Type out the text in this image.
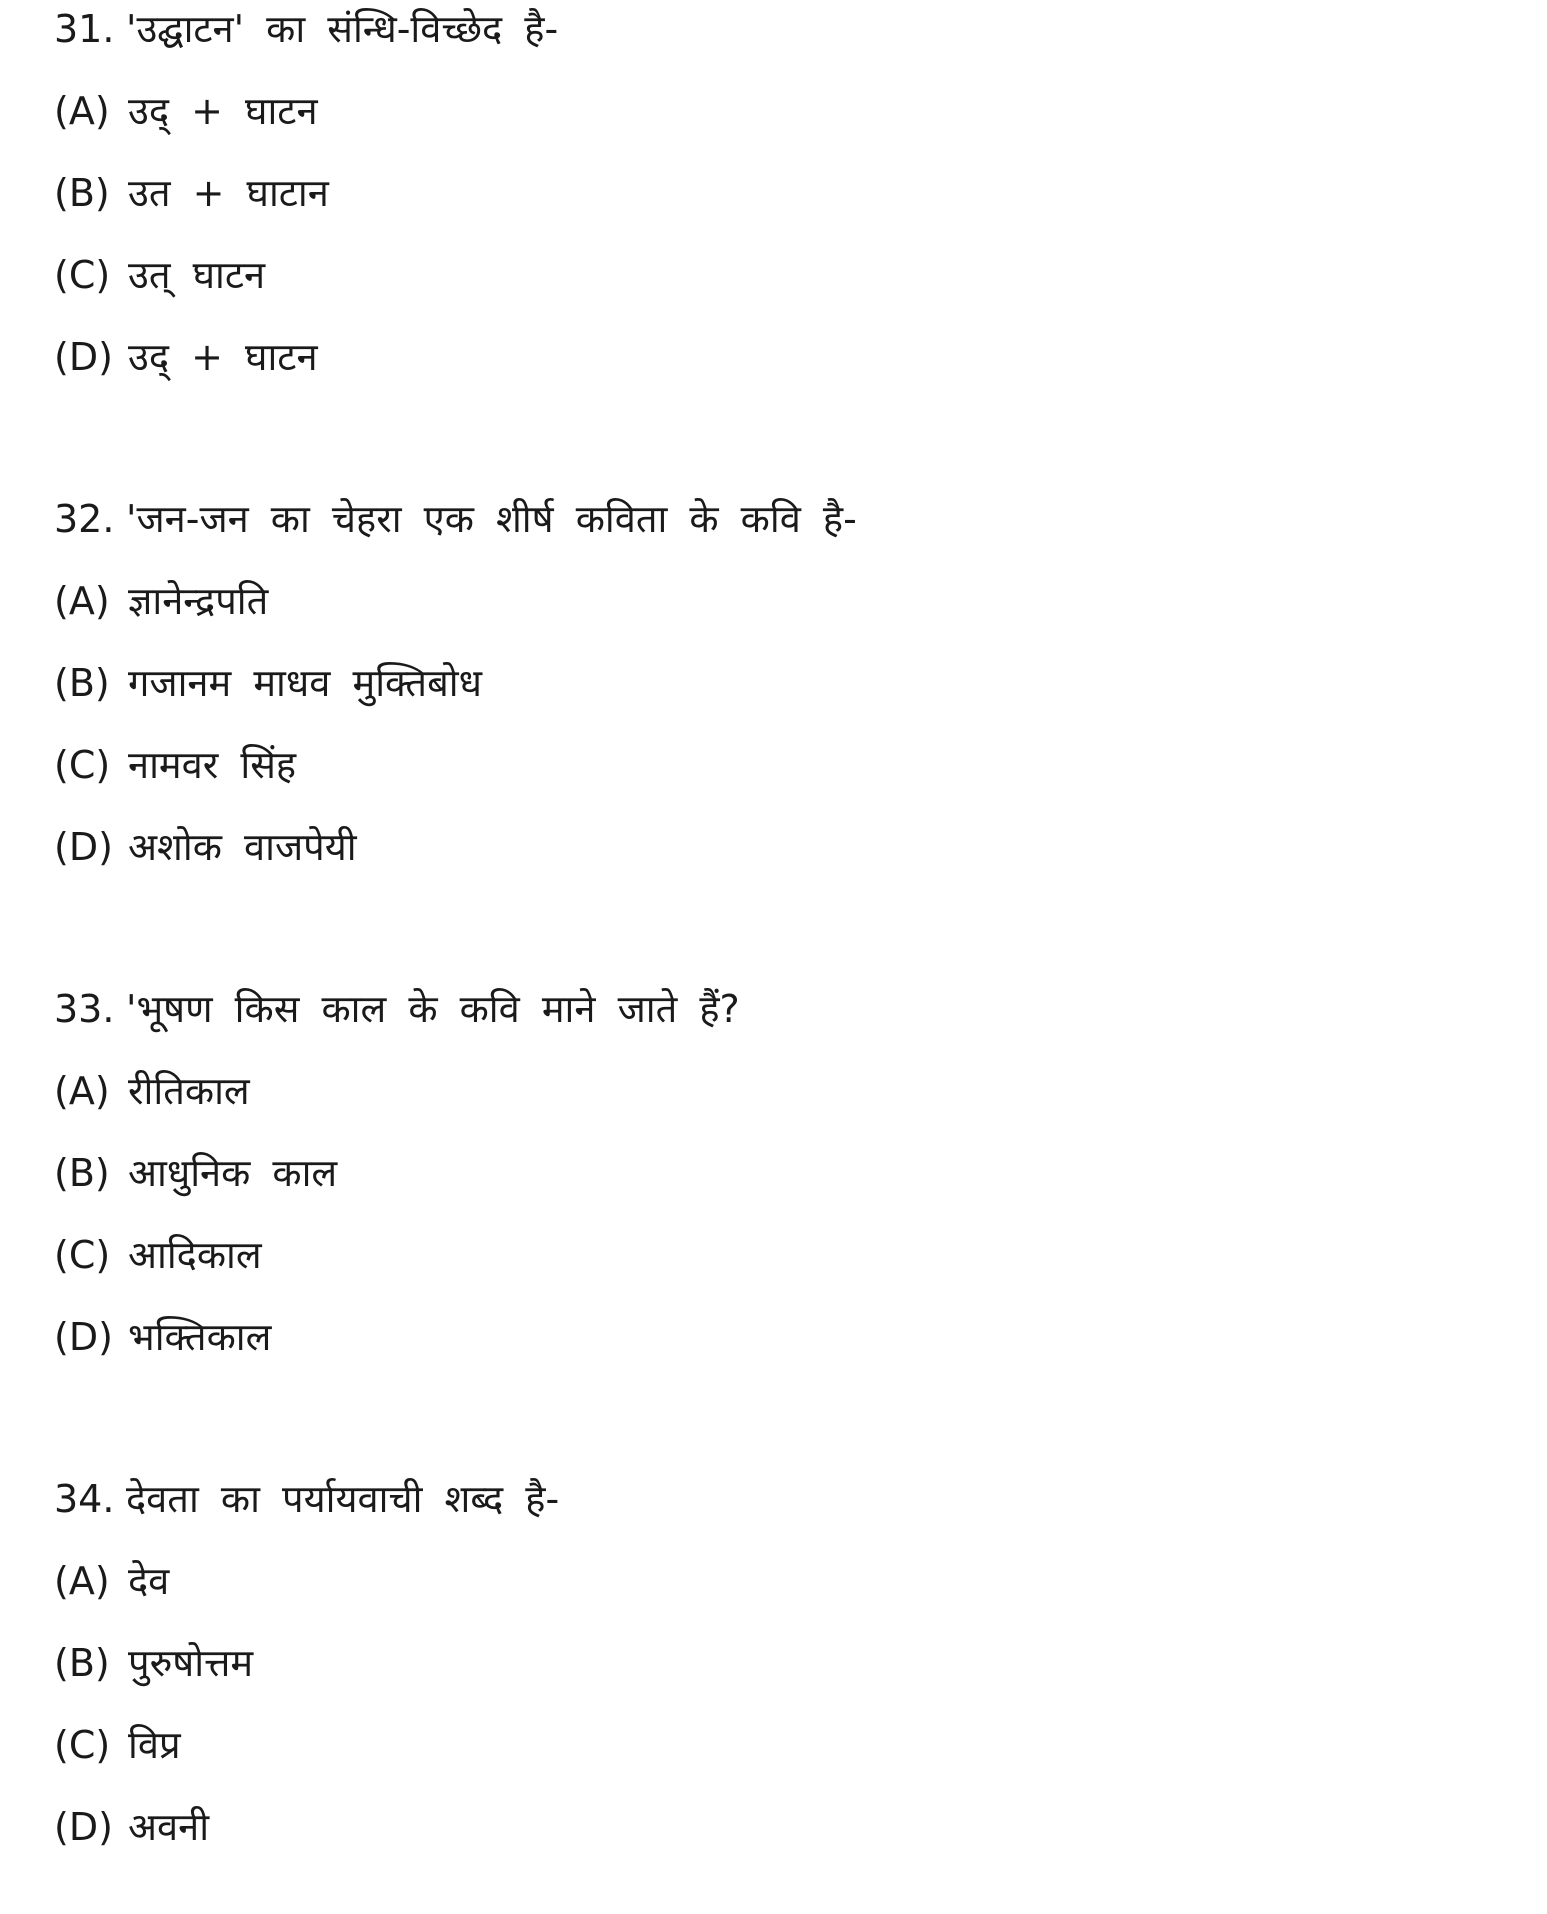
31. 'उद्घाटन' का संन्धि-विच्छेद है-
(A) उद् + घाटन
(B) उत + घाटान
(C) उत् घाटन
(D) उद् + घाटन
32. 'जन-जन का चेहरा एक शीर्ष कविता के कवि है-
(A) ज्ञानेन्द्रपति
(B) गजानम माधव मुक्तिबोध
(C) नामवर सिंह
(D) अशोक वाजपेयी
33. 'भूषण किस काल के कवि माने जाते हैं?
(A) रीतिकाल
(B) आधुनिक काल
(C) आदिकाल
(D) भक्तिकाल
34. देवता का पर्यायवाची शब्द है-
(A) देव
(B) पुरुषोत्तम
(C) विप्र
(D) अवनी
